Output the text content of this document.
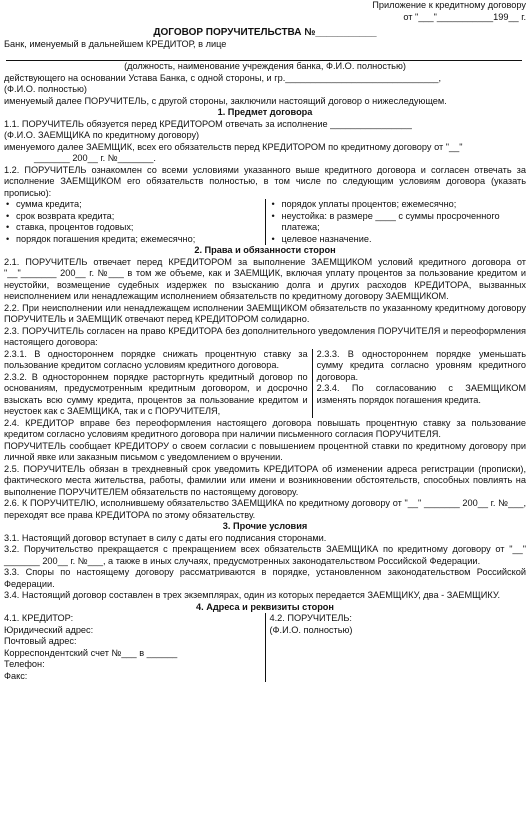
Приложение к кредитному договору
от "___"___________199__ г.
ДОГОВОР ПОРУЧИТЕЛЬСТВА №___________
Банк, именуемый в дальнейшем КРЕДИТОР, в лице
(должность, наименование учреждения банка, Ф.И.О. полностью)
действующего на основании Устава Банка, с одной стороны, и гр.______________________________,
(Ф.И.О. полностью)
именуемый далее ПОРУЧИТЕЛЬ, с другой стороны, заключили настоящий договор о нижеследующем.
1. Предмет договора
1.1. ПОРУЧИТЕЛЬ обязуется перед КРЕДИТОРОМ отвечать за исполнение ________________
(Ф.И.О. ЗАЕМЩИКА по кредитному договору)
именуемого далее ЗАЕМЩИК, всех его обязательств перед КРЕДИТОРОМ по кредитному договору от "__"
_______ 200__ г. №_______.
1.2. ПОРУЧИТЕЛЬ ознакомлен со всеми условиями указанного выше кредитного договора и согласен отвечать за исполнение ЗАЕМЩИКОМ его обязательств полностью, в том числе по следующим условиям договора (указать прописью):
• сумма кредита;
• срок возврата кредита;
• ставка, процентов годовых;
• порядок погашения кредита; ежемесячно;
• порядок уплаты процентов; ежемесячно;
• неустойка: в размере ____ с суммы просроченного платежа;
• целевое назначение.
2. Права и обязанности сторон
2.1. ПОРУЧИТЕЛЬ отвечает перед КРЕДИТОРОМ за выполнение ЗАЕМЩИКОМ условий кредитного договора от "__"_______ 200__ г. №___ в том же объеме, как и ЗАЕМЩИК, включая уплату процентов за пользование кредитом и неустойки, возмещение судебных издержек по взысканию долга и других расходов КРЕДИТОРА, вызванных неисполнением или ненадлежащим исполнением обязательств по кредитному договору ЗАЕМЩИКОМ.
2.2. При неисполнении или ненадлежащем исполнении ЗАЕМЩИКОМ обязательств по указанному кредитному договору ПОРУЧИТЕЛЬ и ЗАЕМЩИК отвечают перед КРЕДИТОРОМ солидарно.
2.3. ПОРУЧИТЕЛЬ согласен на право КРЕДИТОРА без дополнительного уведомления ПОРУЧИТЕЛЯ и переоформления настоящего договора:
2.3.1. В одностороннем порядке снижать процентную ставку за пользование кредитом согласно условиям кредитного договора.
2.3.2. В одностороннем порядке расторгнуть кредитный договор по основаниям, предусмотренным кредитным договором, и досрочно взыскать всю сумму кредита, процентов за пользование кредитом и неустоек как с ЗАЕМЩИКА, так и с ПОРУЧИТЕЛЯ,
2.3.3. В одностороннем порядке уменьшать сумму кредита согласно уровням кредитного договора.
2.3.4. По согласованию с ЗАЕМЩИКОМ изменять порядок погашения кредита.
2.4. КРЕДИТОР вправе без переоформления настоящего договора повышать процентную ставку за пользование кредитом согласно условиям кредитного договора при наличии письменного согласия ПОРУЧИТЕЛЯ.
ПОРУЧИТЕЛЬ сообщает КРЕДИТОРУ о своем согласии с повышением процентной ставки по кредитному договору при личной явке или заказным письмом с уведомлением о вручении.
2.5. ПОРУЧИТЕЛЬ обязан в трехдневный срок уведомить КРЕДИТОРА об изменении адреса регистрации (прописки), фактического места жительства, работы, фамилии или имени и возникновении обстоятельств, способных повлиять на выполнение ПОРУЧИТЕЛЕМ обязательств по настоящему договору.
2.6. К ПОРУЧИТЕЛЮ, исполнившему обязательство ЗАЕМЩИКА по кредитному договору от "__" _______ 200__ г. №___, переходят все права КРЕДИТОРА по этому обязательству.
3. Прочие условия
3.1. Настоящий договор вступает в силу с даты его подписания сторонами.
3.2. Поручительство прекращается с прекращением всех обязательств ЗАЕМЩИКА по кредитному договору от "__" _______ 200__ г. №___, а также в иных случаях, предусмотренных законодательством Российской Федерации.
3.3. Споры по настоящему договору рассматриваются в порядке, установленном законодательством Российской Федерации.
3.4. Настоящий договор составлен в трех экземплярах, один из которых передается ЗАЕМЩИКУ, два - ЗАЕМЩИКУ.
4. Адреса и реквизиты сторон
4.1. КРЕДИТОР:
Юридический адрес:
Почтовый адрес:
Корреспондентский счет №___ в ______
Телефон:
Факс:
4.2. ПОРУЧИТЕЛЬ:
(Ф.И.О. полностью)
